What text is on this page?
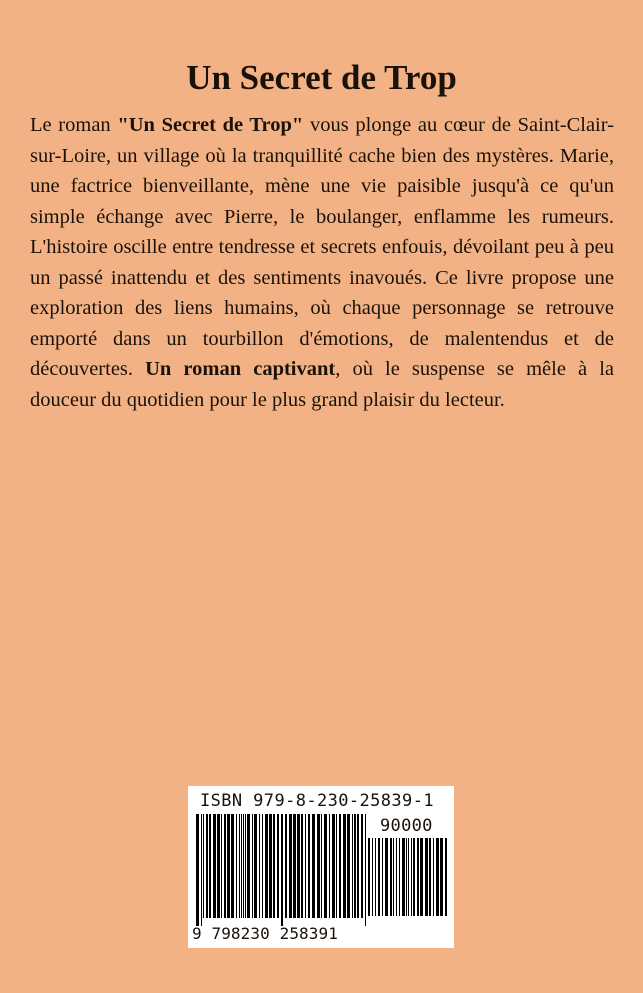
Un Secret de Trop

Le roman "Un Secret de Trop" vous plonge au cœur de Saint-Clair-sur-Loire, un village où la tranquillité cache bien des mystères. Marie, une factrice bienveillante, mène une vie paisible jusqu'à ce qu'un simple échange avec Pierre, le boulanger, enflamme les rumeurs. L'histoire oscille entre tendresse et secrets enfouis, dévoilant peu à peu un passé inattendu et des sentiments inavoués. Ce livre propose une exploration des liens humains, où chaque personnage se retrouve emporté dans un tourbillon d'émotions, de malentendus et de découvertes. Un roman captivant, où le suspense se mêle à la douceur du quotidien pour le plus grand plaisir du lecteur.

ISBN 979-8-230-25839-1
90000
9 798230 258391
